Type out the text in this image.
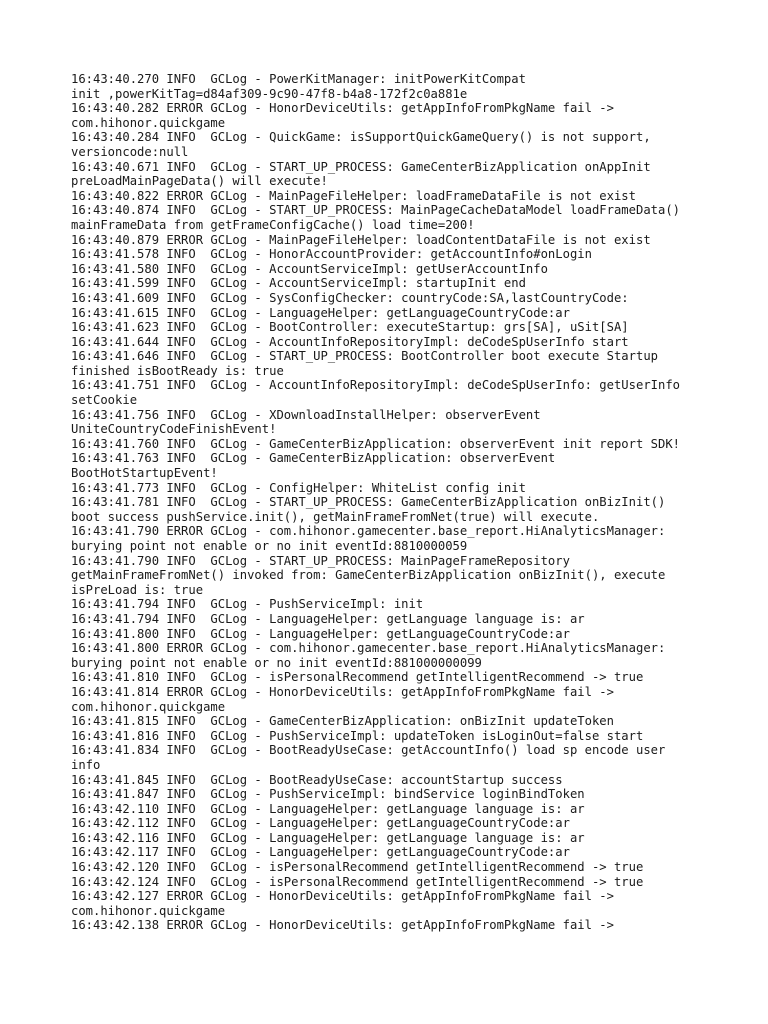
16:43:40.270 INFO  GCLog - PowerKitManager: initPowerKitCompat
init ,powerKitTag=d84af309-9c90-47f8-b4a8-172f2c0a881e
16:43:40.282 ERROR GCLog - HonorDeviceUtils: getAppInfoFromPkgName fail ->
com.hihonor.quickgame
16:43:40.284 INFO  GCLog - QuickGame: isSupportQuickGameQuery() is not support,
versioncode:null
16:43:40.671 INFO  GCLog - START_UP_PROCESS: GameCenterBizApplication onAppInit
preLoadMainPageData() will execute!
16:43:40.822 ERROR GCLog - MainPageFileHelper: loadFrameDataFile is not exist
16:43:40.874 INFO  GCLog - START_UP_PROCESS: MainPageCacheDataModel loadFrameData()
mainFrameData from getFrameConfigCache() load time=200!
16:43:40.879 ERROR GCLog - MainPageFileHelper: loadContentDataFile is not exist
16:43:41.578 INFO  GCLog - HonorAccountProvider: getAccountInfo#onLogin
16:43:41.580 INFO  GCLog - AccountServiceImpl: getUserAccountInfo
16:43:41.599 INFO  GCLog - AccountServiceImpl: startupInit end
16:43:41.609 INFO  GCLog - SysConfigChecker: countryCode:SA,lastCountryCode:
16:43:41.615 INFO  GCLog - LanguageHelper: getLanguageCountryCode:ar
16:43:41.623 INFO  GCLog - BootController: executeStartup: grs[SA], uSit[SA]
16:43:41.644 INFO  GCLog - AccountInfoRepositoryImpl: deCodeSpUserInfo start
16:43:41.646 INFO  GCLog - START_UP_PROCESS: BootController boot execute Startup
finished isBootReady is: true
16:43:41.751 INFO  GCLog - AccountInfoRepositoryImpl: deCodeSpUserInfo: getUserInfo
setCookie
16:43:41.756 INFO  GCLog - XDownloadInstallHelper: observerEvent
UniteCountryCodeFinishEvent!
16:43:41.760 INFO  GCLog - GameCenterBizApplication: observerEvent init report SDK!
16:43:41.763 INFO  GCLog - GameCenterBizApplication: observerEvent
BootHotStartupEvent!
16:43:41.773 INFO  GCLog - ConfigHelper: WhiteList config init
16:43:41.781 INFO  GCLog - START_UP_PROCESS: GameCenterBizApplication onBizInit()
boot success pushService.init(), getMainFrameFromNet(true) will execute.
16:43:41.790 ERROR GCLog - com.hihonor.gamecenter.base_report.HiAnalyticsManager:
burying point not enable or no init eventId:8810000059
16:43:41.790 INFO  GCLog - START_UP_PROCESS: MainPageFrameRepository
getMainFrameFromNet() invoked from: GameCenterBizApplication onBizInit(), execute
isPreLoad is: true
16:43:41.794 INFO  GCLog - PushServiceImpl: init
16:43:41.794 INFO  GCLog - LanguageHelper: getLanguage language is: ar
16:43:41.800 INFO  GCLog - LanguageHelper: getLanguageCountryCode:ar
16:43:41.800 ERROR GCLog - com.hihonor.gamecenter.base_report.HiAnalyticsManager:
burying point not enable or no init eventId:881000000099
16:43:41.810 INFO  GCLog - isPersonalRecommend getIntelligentRecommend -> true
16:43:41.814 ERROR GCLog - HonorDeviceUtils: getAppInfoFromPkgName fail ->
com.hihonor.quickgame
16:43:41.815 INFO  GCLog - GameCenterBizApplication: onBizInit updateToken
16:43:41.816 INFO  GCLog - PushServiceImpl: updateToken isLoginOut=false start
16:43:41.834 INFO  GCLog - BootReadyUseCase: getAccountInfo() load sp encode user
info
16:43:41.845 INFO  GCLog - BootReadyUseCase: accountStartup success
16:43:41.847 INFO  GCLog - PushServiceImpl: bindService loginBindToken
16:43:42.110 INFO  GCLog - LanguageHelper: getLanguage language is: ar
16:43:42.112 INFO  GCLog - LanguageHelper: getLanguageCountryCode:ar
16:43:42.116 INFO  GCLog - LanguageHelper: getLanguage language is: ar
16:43:42.117 INFO  GCLog - LanguageHelper: getLanguageCountryCode:ar
16:43:42.120 INFO  GCLog - isPersonalRecommend getIntelligentRecommend -> true
16:43:42.124 INFO  GCLog - isPersonalRecommend getIntelligentRecommend -> true
16:43:42.127 ERROR GCLog - HonorDeviceUtils: getAppInfoFromPkgName fail ->
com.hihonor.quickgame
16:43:42.138 ERROR GCLog - HonorDeviceUtils: getAppInfoFromPkgName fail ->
